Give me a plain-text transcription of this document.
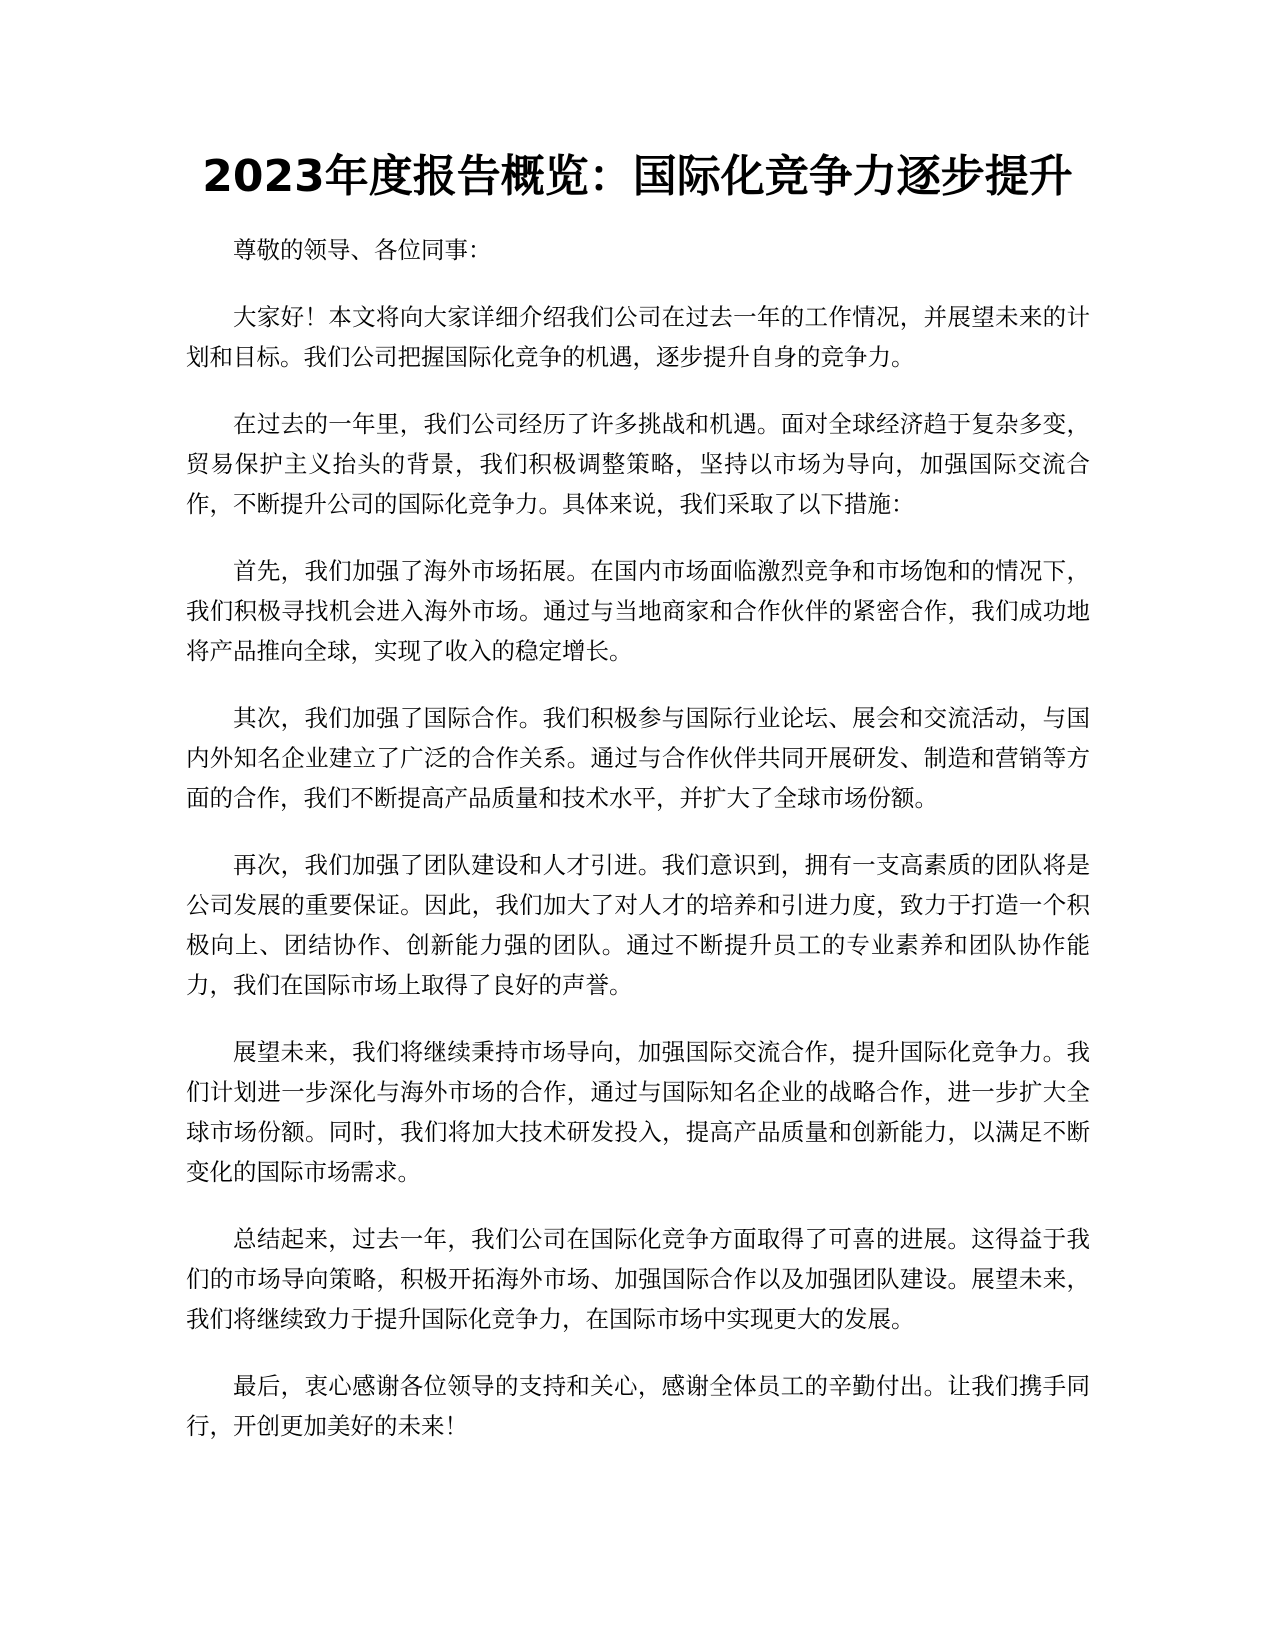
2023年度报告概览：国际化竞争力逐步提升

尊敬的领导、各位同事：

大家好！本文将向大家详细介绍我们公司在过去一年的工作情况，并展望未来的计划和目标。我们公司把握国际化竞争的机遇，逐步提升自身的竞争力。

在过去的一年里，我们公司经历了许多挑战和机遇。面对全球经济趋于复杂多变，贸易保护主义抬头的背景，我们积极调整策略，坚持以市场为导向，加强国际交流合作，不断提升公司的国际化竞争力。具体来说，我们采取了以下措施：

首先，我们加强了海外市场拓展。在国内市场面临激烈竞争和市场饱和的情况下，我们积极寻找机会进入海外市场。通过与当地商家和合作伙伴的紧密合作，我们成功地将产品推向全球，实现了收入的稳定增长。

其次，我们加强了国际合作。我们积极参与国际行业论坛、展会和交流活动，与国内外知名企业建立了广泛的合作关系。通过与合作伙伴共同开展研发、制造和营销等方面的合作，我们不断提高产品质量和技术水平，并扩大了全球市场份额。

再次，我们加强了团队建设和人才引进。我们意识到，拥有一支高素质的团队将是公司发展的重要保证。因此，我们加大了对人才的培养和引进力度，致力于打造一个积极向上、团结协作、创新能力强的团队。通过不断提升员工的专业素养和团队协作能力，我们在国际市场上取得了良好的声誉。

展望未来，我们将继续秉持市场导向，加强国际交流合作，提升国际化竞争力。我们计划进一步深化与海外市场的合作，通过与国际知名企业的战略合作，进一步扩大全球市场份额。同时，我们将加大技术研发投入，提高产品质量和创新能力，以满足不断变化的国际市场需求。

总结起来，过去一年，我们公司在国际化竞争方面取得了可喜的进展。这得益于我们的市场导向策略，积极开拓海外市场、加强国际合作以及加强团队建设。展望未来，我们将继续致力于提升国际化竞争力，在国际市场中实现更大的发展。

最后，衷心感谢各位领导的支持和关心，感谢全体员工的辛勤付出。让我们携手同行，开创更加美好的未来！
